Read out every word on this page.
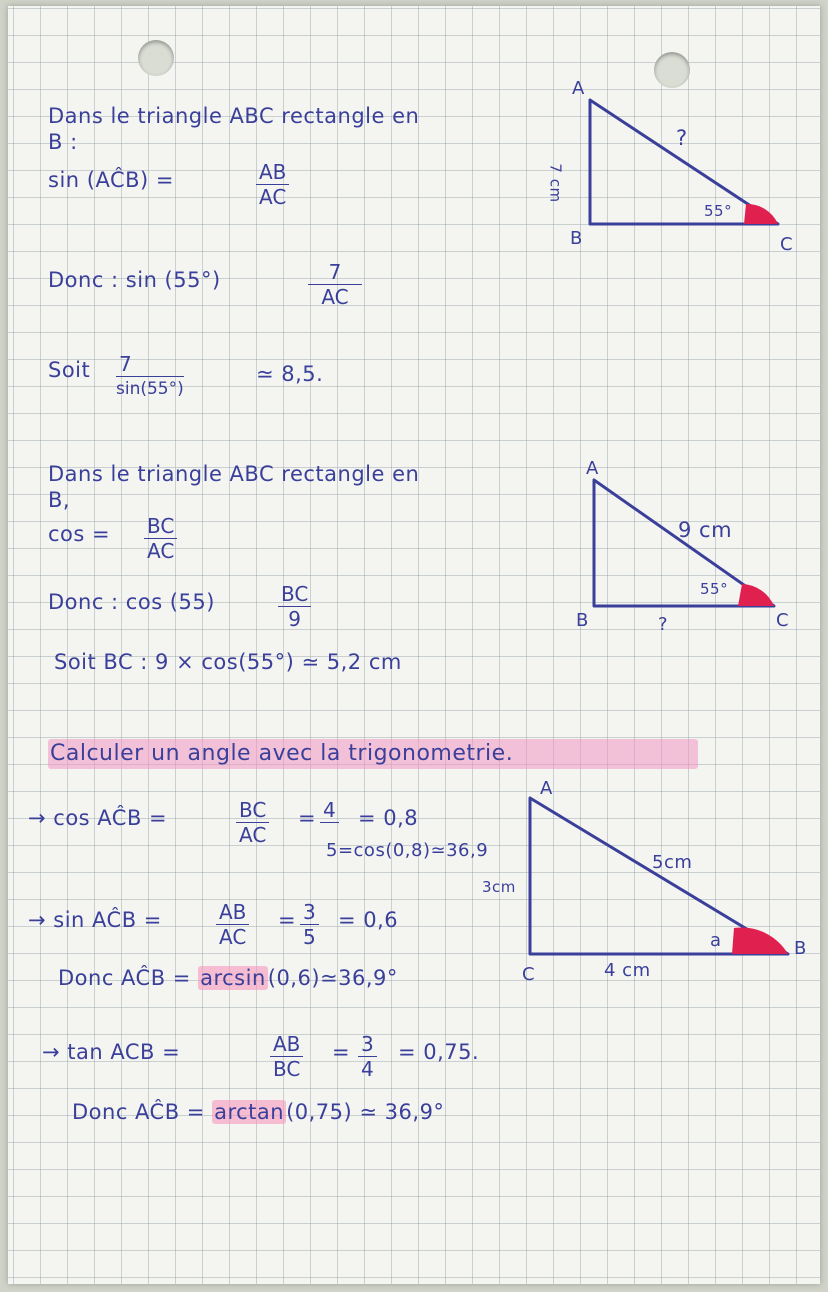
Dans le triangle ABC rectangle en
B :
sin (AĈB) =	$\frac{AB}{AC}$
Donc : sin (55°)	$\frac{7}{AC}$
Soit $\frac{7}{\sin(55^\circ)}$	≃ 8,5.
Dans le triangle ABC rectangle en
B,
$\cos = \frac{BC}{AC}$
Donc : cos (55)	$\frac{BC}{9}$
Soit BC : 9 × cos(55°) ≃ 5,2 cm
Calculer un angle avec la trigonometrie.
→ cos AĈB =	$\frac{BC}{AC} = 4 = 0,8$
5=cos(0,8)≃36,9
→ sin AĈB =	$\frac{AB}{AC} = \frac{3}{5} = 0,6$
Donc AĈB = arcsin(0,6)≃36,9°
→ tan ACB =	$\frac{AB}{BC} = \frac{3}{4} = 0,75$.
Donc AĈB = arctan(0,75) ≃ 36,9°
A
B	C
7 cm
?
55°
A
B	C
9 cm
?
55°
A
B
C
3cm
5cm
4 cm
a
